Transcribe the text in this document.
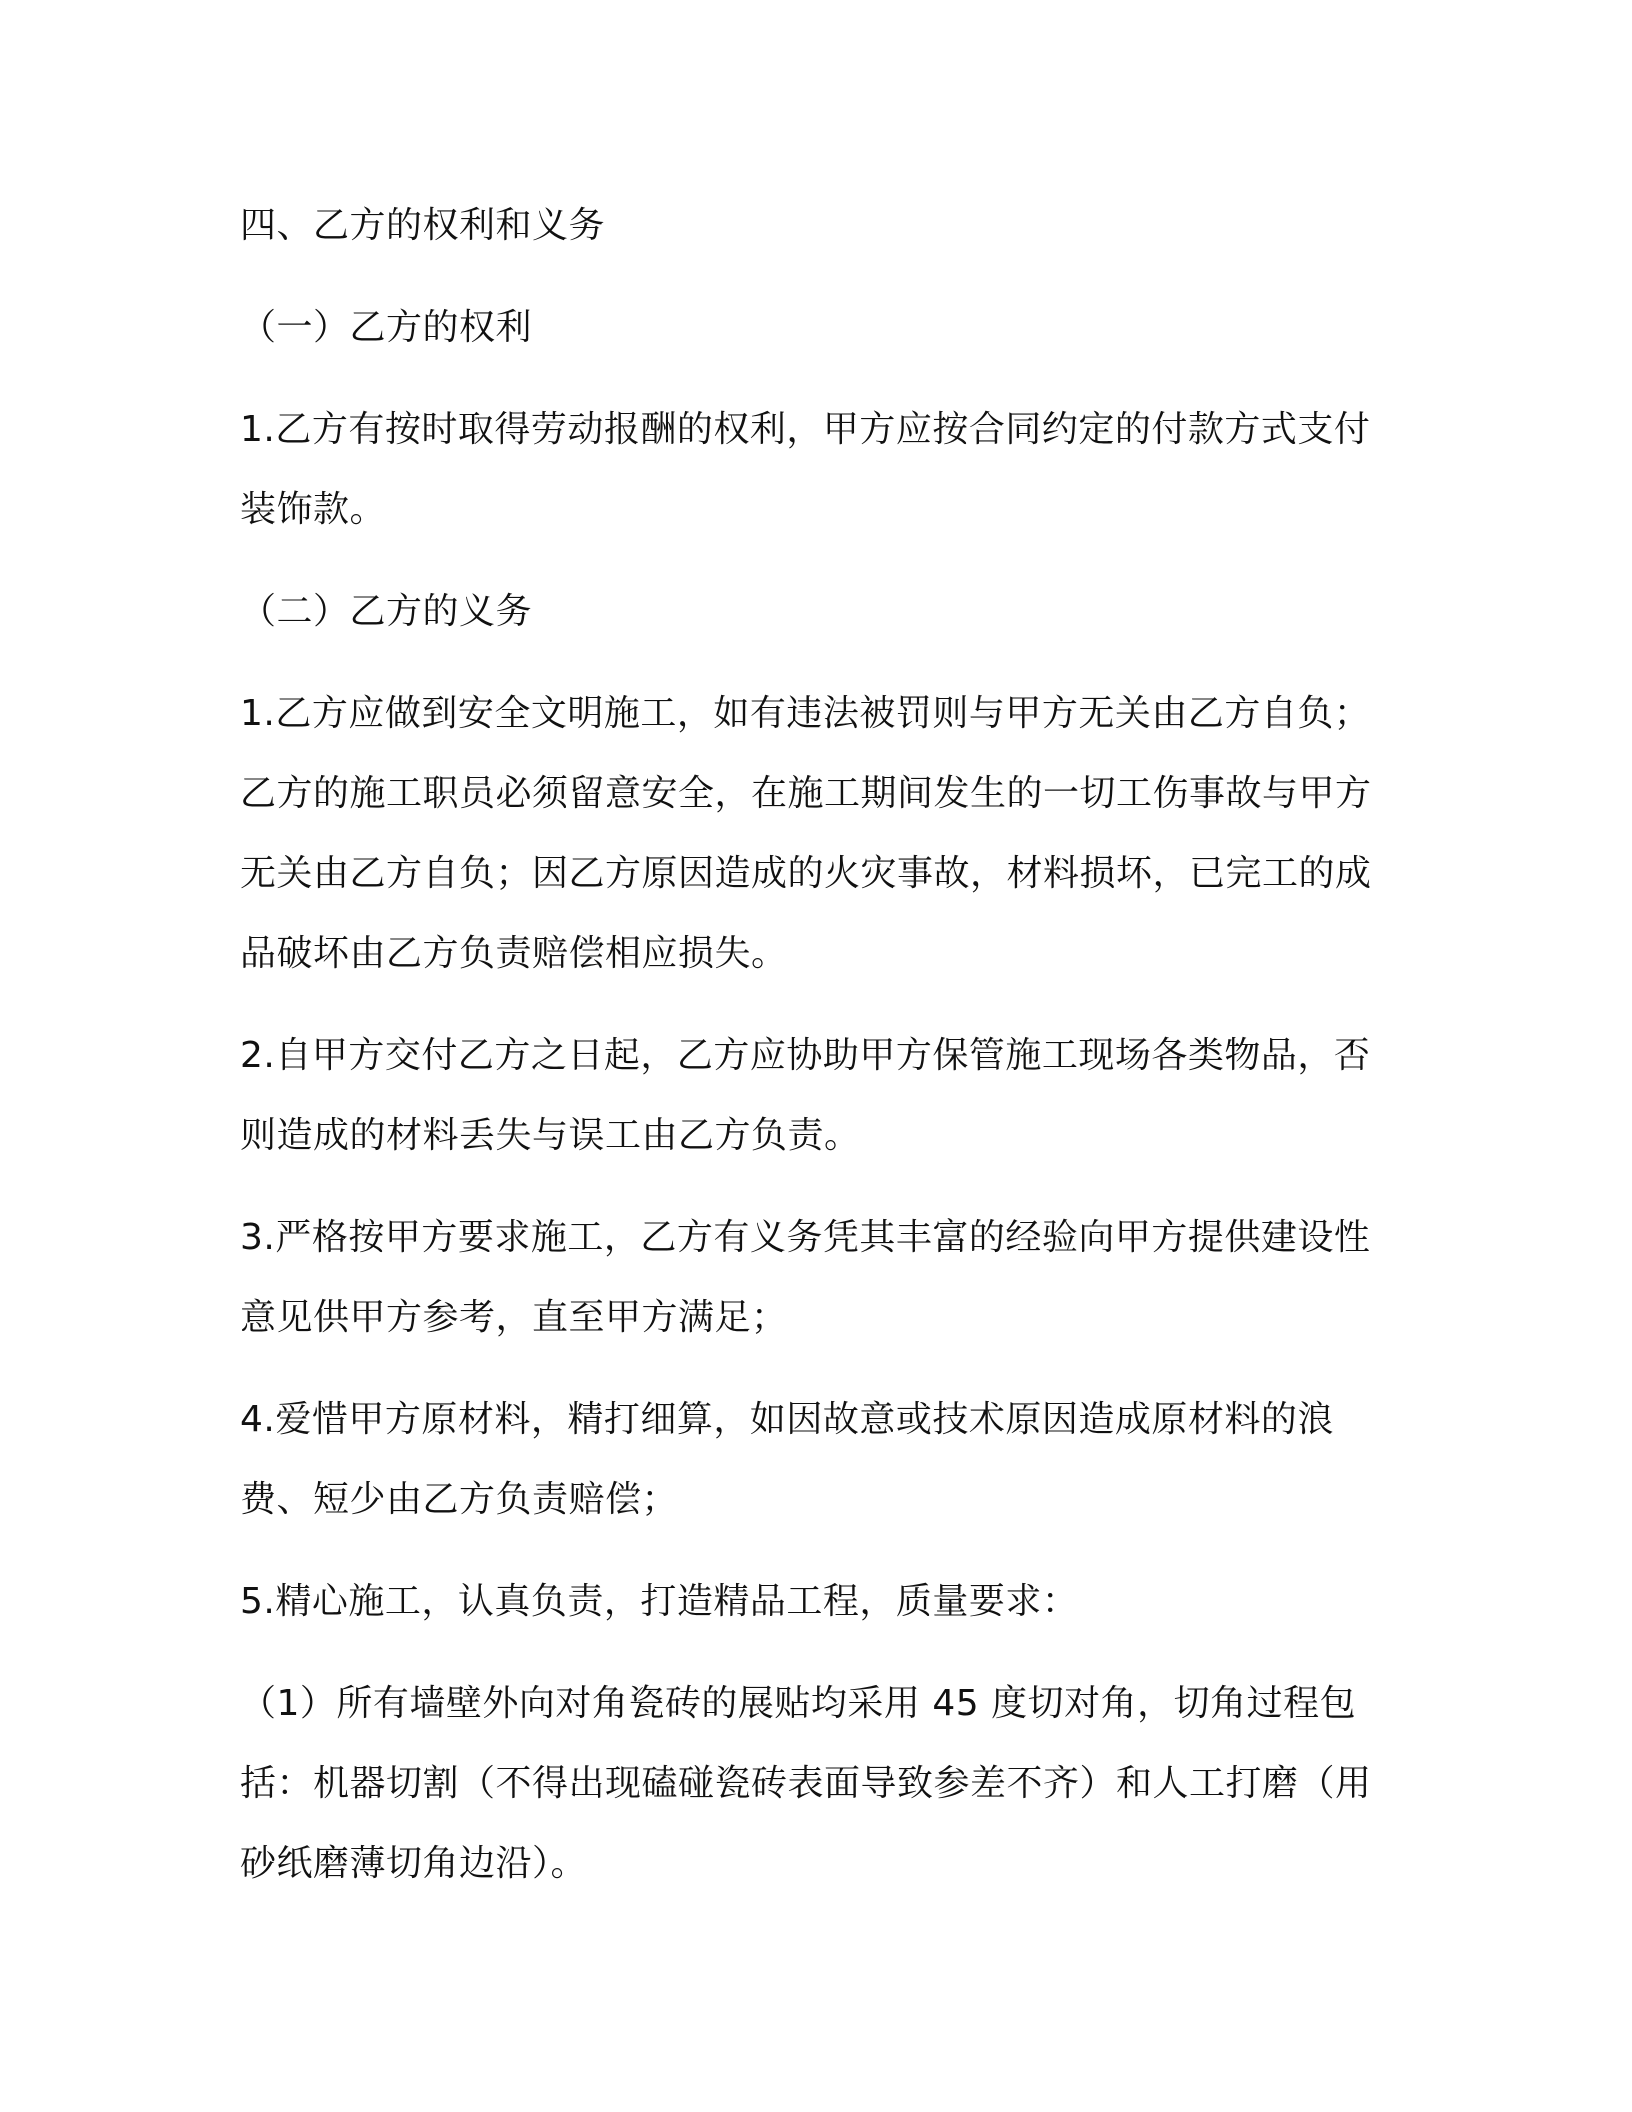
四、乙方的权利和义务

（一）乙方的权利

1.乙方有按时取得劳动报酬的权利，甲方应按合同约定的付款方式支付装饰款。

（二）乙方的义务

1.乙方应做到安全文明施工，如有违法被罚则与甲方无关由乙方自负；乙方的施工职员必须留意安全，在施工期间发生的一切工伤事故与甲方无关由乙方自负；因乙方原因造成的火灾事故，材料损坏，已完工的成品破坏由乙方负责赔偿相应损失。

2.自甲方交付乙方之日起，乙方应协助甲方保管施工现场各类物品，否则造成的材料丢失与误工由乙方负责。

3.严格按甲方要求施工，乙方有义务凭其丰富的经验向甲方提供建设性意见供甲方参考，直至甲方满足；

4.爱惜甲方原材料，精打细算，如因故意或技术原因造成原材料的浪费、短少由乙方负责赔偿；

5.精心施工，认真负责，打造精品工程，质量要求：

（1）所有墙壁外向对角瓷砖的展贴均采用 45 度切对角，切角过程包括：机器切割（不得出现磕碰瓷砖表面导致参差不齐）和人工打磨（用砂纸磨薄切角边沿）。
